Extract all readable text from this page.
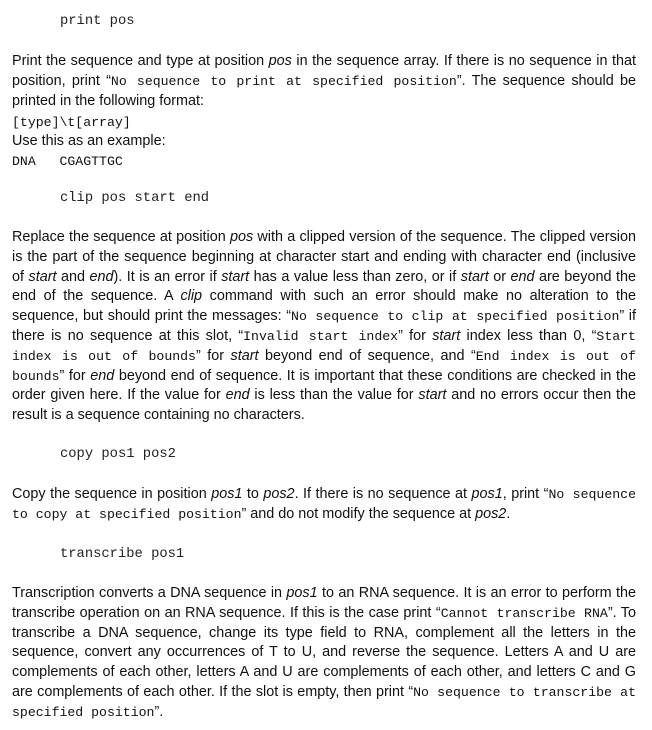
print pos

Print the sequence and type at position pos in the sequence array. If there is no sequence in that position, print “No sequence to print at specified position”. The sequence should be printed in the following format:

[type]\t[array]

Use this as an example:

DNA   CGAGTTGC

clip pos start end

Replace the sequence at position pos with a clipped version of the sequence. The clipped version is the part of the sequence beginning at character start and ending with character end (inclusive of start and end). It is an error if start has a value less than zero, or if start or end are beyond the end of the sequence. A clip command with such an error should make no alteration to the sequence, but should print the messages: “No sequence to clip at specified position” if there is no sequence at this slot, “Invalid start index” for start index less than 0, “Start index is out of bounds” for start beyond end of sequence, and “End index is out of bounds” for end beyond end of sequence. It is important that these conditions are checked in the order given here. If the value for end is less than the value for start and no errors occur then the result is a sequence containing no characters.

copy pos1 pos2

Copy the sequence in position pos1 to pos2. If there is no sequence at pos1, print “No sequence to copy at specified position” and do not modify the sequence at pos2.

transcribe pos1

Transcription converts a DNA sequence in pos1 to an RNA sequence. It is an error to perform the transcribe operation on an RNA sequence. If this is the case print “Cannot transcribe RNA”. To transcribe a DNA sequence, change its type field to RNA, complement all the letters in the sequence, convert any occurrences of T to U, and reverse the sequence. Letters A and U are complements of each other, letters A and U are complements of each other, and letters C and G are complements of each other. If the slot is empty, then print “No sequence to transcribe at specified position”.
